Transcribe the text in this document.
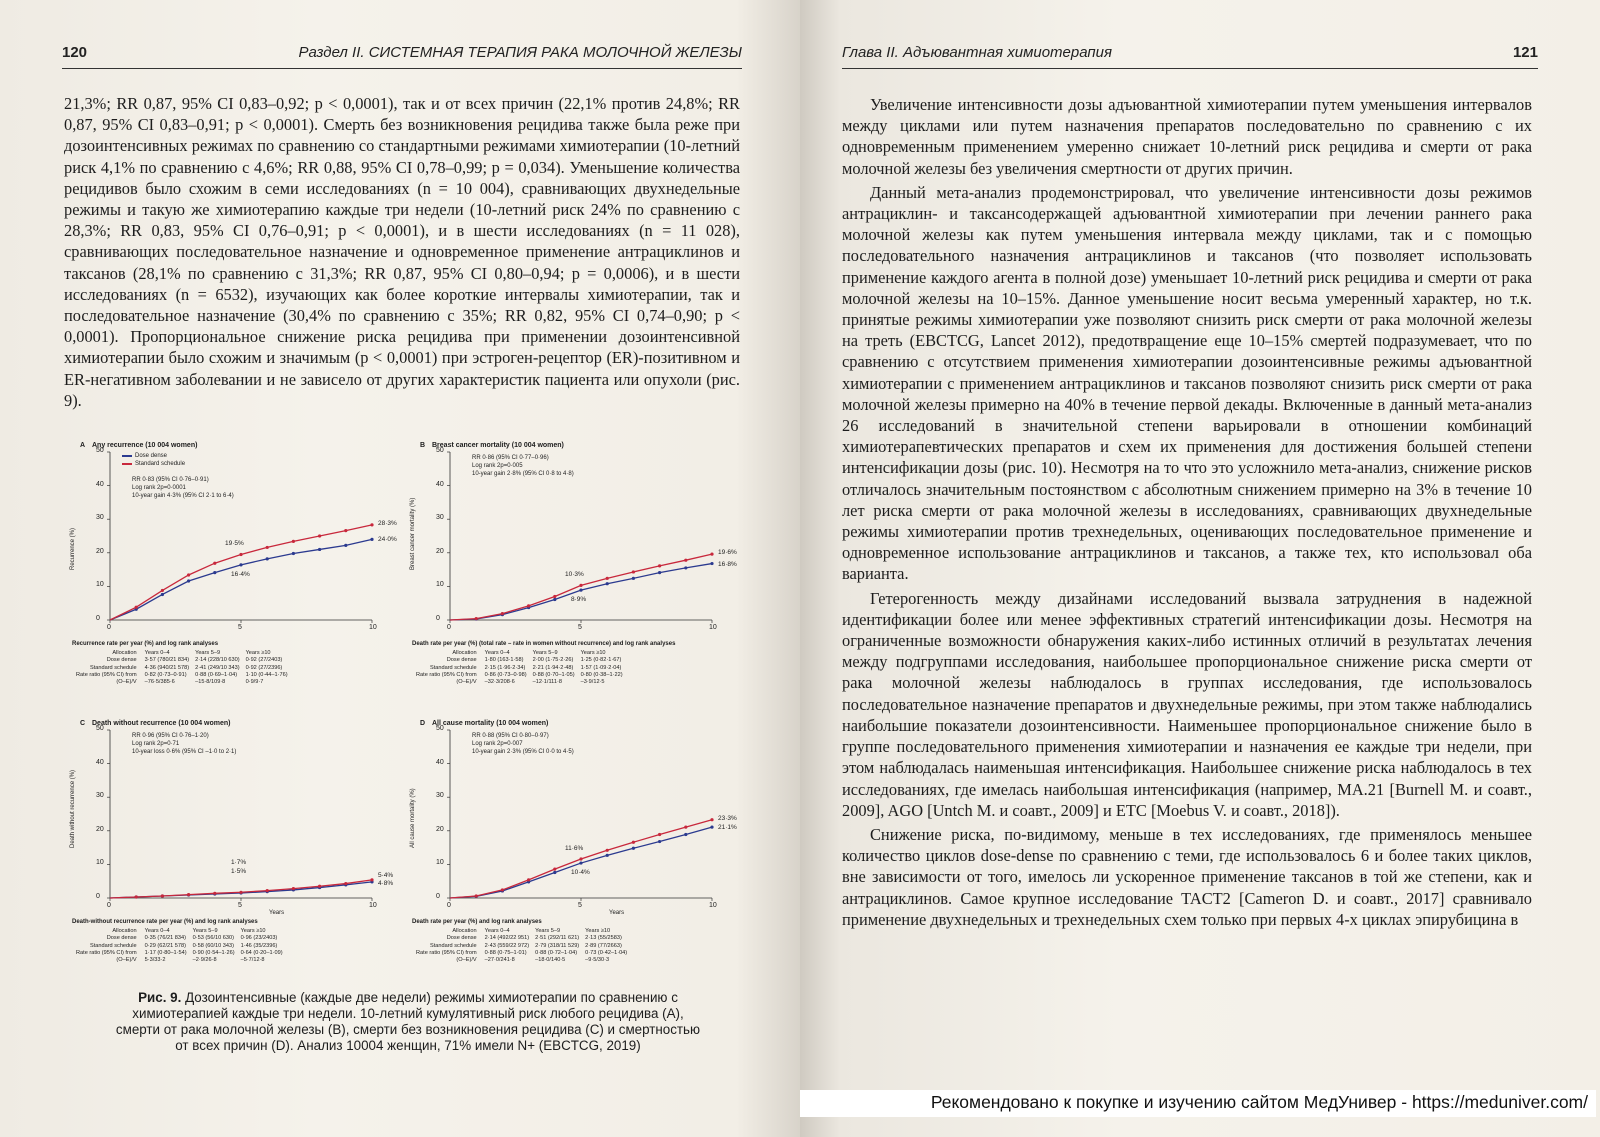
120	Раздел II. СИСТЕМНАЯ ТЕРАПИЯ РАКА МОЛОЧНОЙ ЖЕЛЕЗЫ

21,3%; RR 0,87, 95% CI 0,83–0,92; p < 0,0001), так и от всех причин (22,1% против 24,8%; RR 0,87, 95% CI 0,83–0,91; p < 0,0001). Смерть без возникновения рецидива также была реже при дозоинтенсивных режимах по сравнению со стандартными режимами химиотерапии (10-летний риск 4,1% по сравнению с 4,6%; RR 0,88, 95% CI 0,78–0,99; p = 0,034). Уменьшение количества рецидивов было схожим в семи исследованиях (n = 10 004), сравнивающих двухнедельные режимы и такую же химиотерапию каждые три недели (10-летний риск 24% по сравнению с 28,3%; RR 0,83, 95% CI 0,76–0,91; p < 0,0001), и в шести исследованиях (n = 11 028), сравнивающих последовательное назначение и одновременное применение антрациклинов и таксанов (28,1% по сравнению с 31,3%; RR 0,87, 95% CI 0,80–0,94; p = 0,0006), и в шести исследованиях (n = 6532), изучающих как более короткие интервалы химиотерапии, так и последовательное назначение (30,4% по сравнению с 35%; RR 0,82, 95% CI 0,74–0,90; p < 0,0001). Пропорциональное снижение риска рецидива при применении дозоинтенсивной химиотерапии было схожим и значимым (p < 0,0001) при эстроген-рецептор (ER)-позитивном и ER-негативном заболевании и не зависело от других характеристик пациента или опухоли (рис. 9).

A Any recurrence (10 004 women)
Dose dense
Standard schedule
RR 0·83 (95% CI 0·76–0·91)
Log rank 2p=0·0001
10-year gain 4·3% (95% CI 2·1 to 6·4)
Recurrence (%)
0
10
20
30
40
50
0	5	10
19·5%
16·4%
28·3%
24·0%
Recurrence rate per year (%) and log rank analyses
Allocation	Years 0–4	Years 5–9	Years ≥10
Dose dense	3·57 (780/21 834)	2·14 (228/10 630)	0·92 (27/2403)
Standard schedule	4·36 (940/21 578)	2·41 (249/10 343)	0·92 (27/2396)
Rate ratio (95% CI) from	0·82 (0·73–0·91)	0·88 (0·69–1·04)	1·10 (0·44–1·76)
(O–E)/V	–76·5/385·6	–15·8/109·8	0·9/9·7
B Breast cancer mortality (10 004 women)
RR 0·86 (95% CI 0·77–0·96)
Log rank 2p=0·005
10-year gain 2·8% (95% CI 0·8 to 4·8)
Breast cancer mortality (%)
0
10
20
30
40
50
0	5	10
10·3%
8·9%
19·6%
16·8%
Death rate per year (%) (total rate – rate in women without recurrence) and log rank analyses
Allocation	Years 0–4	Years 5–9	Years ≥10
Dose dense	1·80 (163·1·58)	2·00 (1·75·2·26)	1·25 (0·82·1·67)
Standard schedule	2·15 (1·96·2·34)	2·21 (1·94·2·48)	1·57 (1·09·2·04)
Rate ratio (95% CI) from	0·86 (0·73–0·98)	0·88 (0·70–1·05)	0·80 (0·38–1·22)
(O–E)/V	–32·3/208·6	–12·1/111·8	–3·9/12·5
C Death without recurrence (10 004 women)
RR 0·96 (95% CI 0·76–1·20)
Log rank 2p=0·71
10-year loss 0·6% (95% CI –1·0 to 2·1)
Death without recurrence (%)
0
10
20
30
40
50
0	5	10
Years
1·7%
1·5%
5·4%
4·8%
Death-without recurrence rate per year (%) and log rank analyses
Allocation	Years 0–4	Years 5–9	Years ≥10
Dose dense	0·35 (76/21 834)	0·53 (56/10 630)	0·96 (23/2403)
Standard schedule	0·29 (62/21 578)	0·58 (60/10 343)	1·46 (35/2396)
Rate ratio (95% CI) from	1·17 (0·80–1·54)	0·90 (0·54–1·26)	0·64 (0·20–1·09)
(O–E)/V	5·3/33·2	–2·9/26·8	–5·7/12·8
D All cause mortality (10 004 women)
RR 0·88 (95% CI 0·80–0·97)
Log rank 2p=0·007
10-year gain 2·3% (95% CI 0·0 to 4·5)
All cause mortality (%)
0
10
20
30
40
50
0	5	10
Years
11·6%
10·4%
23·3%
21·1%
Death rate per year (%) and log rank analyses
Allocation	Years 0–4	Years 5–9	Years ≥10
Dose dense	2·14 (492/22 951)	2·51 (292/11 621)	2·13 (55/2583)
Standard schedule	2·43 (559/22 972)	2·79 (318/11 529)	2·89 (77/2663)
Rate ratio (95% CI) from	0·88 (0·75–1·01)	0·88 (0·72–1·04)	0·73 (0·42–1·04)
(O–E)/V	–27·0/241·8	–18·0/140·5	–9·5/30·3
Рис. 9. Дозоинтенсивные (каждые две недели) режимы химиотерапии по сравнению с химиотерапией каждые три недели. 10-летний кумулятивный риск любого рецидива (A), смерти от рака молочной железы (B), смерти без возникновения рецидива (C) и смертностью от всех причин (D). Анализ 10004 женщин, 71% имели N+ (EBCTCG, 2019)
Глава II. Адъювантная химиотерапия	121

Увеличение интенсивности дозы адъювантной химиотерапии путем уменьшения интервалов между циклами или путем назначения препаратов последовательно по сравнению с их одновременным применением умеренно снижает 10-летний риск рецидива и смерти от рака молочной железы без увеличения смертности от других причин.

Данный мета-анализ продемонстрировал, что увеличение интенсивности дозы режимов антрациклин- и таксансодержащей адъювантной химиотерапии при лечении раннего рака молочной железы как путем уменьшения интервала между циклами, так и с помощью последовательного назначения антрациклинов и таксанов (что позволяет использовать применение каждого агента в полной дозе) уменьшает 10-летний риск рецидива и смерти от рака молочной железы на 10–15%. Данное уменьшение носит весьма умеренный характер, но т.к. принятые режимы химиотерапии уже позволяют снизить риск смерти от рака молочной железы на треть (EBCTCG, Lancet 2012), предотвращение еще 10–15% смертей подразумевает, что по сравнению с отсутствием применения химиотерапии дозоинтенсивные режимы адъювантной химиотерапии с применением антрациклинов и таксанов позволяют снизить риск смерти от рака молочной железы примерно на 40% в течение первой декады. Включенные в данный мета-анализ 26 исследований в значительной степени варьировали в отношении комбинаций химиотерапевтических препаратов и схем их применения для достижения большей степени интенсификации дозы (рис. 10). Несмотря на то что это усложнило мета-анализ, снижение рисков отличалось значительным постоянством с абсолютным снижением примерно на 3% в течение 10 лет риска смерти от рака молочной железы в исследованиях, сравнивающих двухнедельные режимы химиотерапии против трехнедельных, оценивающих последовательное применение и одновременное использование антрациклинов и таксанов, а также тех, кто использовал оба варианта.

Гетерогенность между дизайнами исследований вызвала затруднения в надежной идентификации более или менее эффективных стратегий интенсификации дозы. Несмотря на ограниченные возможности обнаружения каких-либо истинных отличий в результатах лечения между подгруппами исследования, наибольшее пропорциональное снижение риска смерти от рака молочной железы наблюдалось в группах исследования, где использовалось последовательное назначение препаратов и двухнедельные режимы, при этом также наблюдались наибольшие показатели дозоинтенсивности. Наименьшее пропорциональное снижение было в группе последовательного применения химиотерапии и назначения ее каждые три недели, при этом наблюдалась наименьшая интенсификация. Наибольшее снижение риска наблюдалось в тех исследованиях, где имелась наибольшая интенсификация (например, MA.21 [Burnell M. и соавт., 2009], AGO [Untch M. и соавт., 2009] и ETC [Moebus V. и соавт., 2018]).

Снижение риска, по-видимому, меньше в тех исследованиях, где применялось меньшее количество циклов dose-dense по сравнению с теми, где использовалось 6 и более таких циклов, вне зависимости от того, имелось ли ускоренное применение таксанов в той же степени, как и антрациклинов. Самое крупное исследование TACT2 [Cameron D. и соавт., 2017] сравнивало применение двухнедельных и трехнедельных схем только при первых 4-х циклах эпирубицина в

Рекомендовано к покупке и изучению сайтом МедУнивер - https://meduniver.com/
